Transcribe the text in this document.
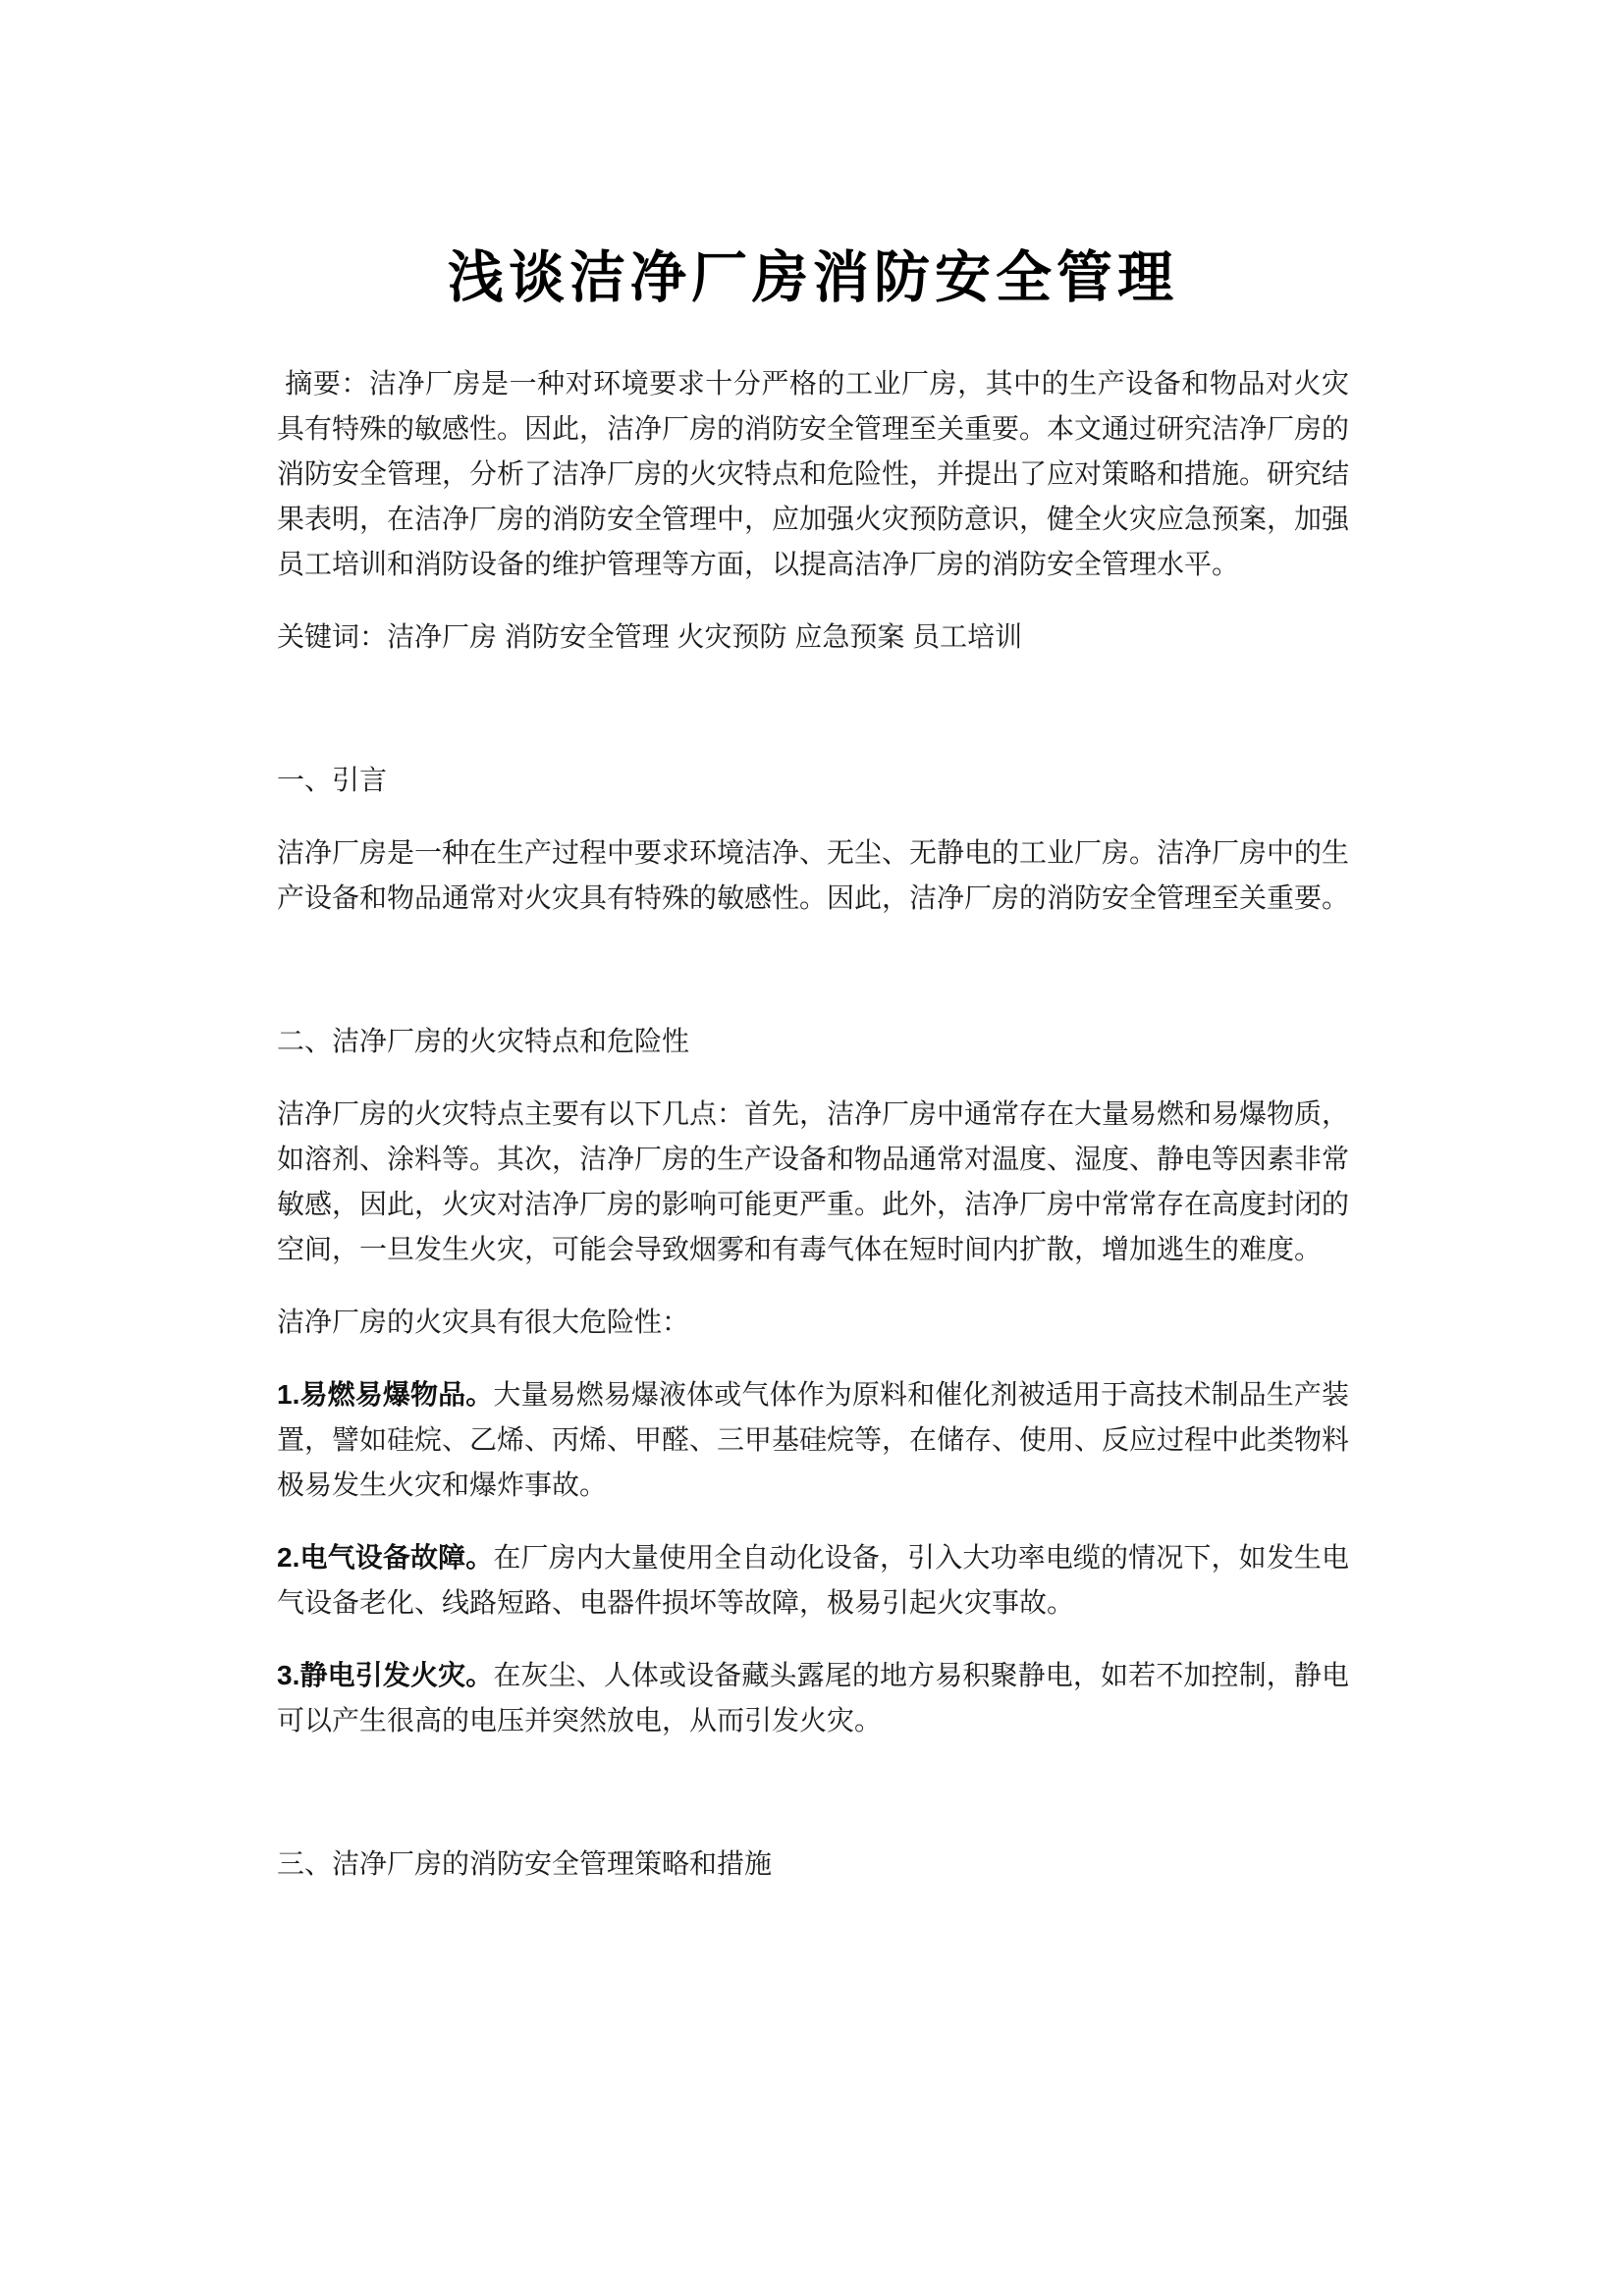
浅谈洁净厂房消防安全管理

摘要：洁净厂房是一种对环境要求十分严格的工业厂房，其中的生产设备和物品对火灾具有特殊的敏感性。因此，洁净厂房的消防安全管理至关重要。本文通过研究洁净厂房的消防安全管理，分析了洁净厂房的火灾特点和危险性，并提出了应对策略和措施。研究结果表明，在洁净厂房的消防安全管理中，应加强火灾预防意识，健全火灾应急预案，加强员工培训和消防设备的维护管理等方面，以提高洁净厂房的消防安全管理水平。

关键词：洁净厂房 消防安全管理 火灾预防 应急预案 员工培训

一、引言

洁净厂房是一种在生产过程中要求环境洁净、无尘、无静电的工业厂房。洁净厂房中的生产设备和物品通常对火灾具有特殊的敏感性。因此，洁净厂房的消防安全管理至关重要。

二、洁净厂房的火灾特点和危险性

洁净厂房的火灾特点主要有以下几点：首先，洁净厂房中通常存在大量易燃和易爆物质，如溶剂、涂料等。其次，洁净厂房的生产设备和物品通常对温度、湿度、静电等因素非常敏感，因此，火灾对洁净厂房的影响可能更严重。此外，洁净厂房中常常存在高度封闭的空间，一旦发生火灾，可能会导致烟雾和有毒气体在短时间内扩散，增加逃生的难度。

洁净厂房的火灾具有很大危险性：

1.易燃易爆物品。大量易燃易爆液体或气体作为原料和催化剂被适用于高技术制品生产装置，譬如硅烷、乙烯、丙烯、甲醛、三甲基硅烷等，在储存、使用、反应过程中此类物料极易发生火灾和爆炸事故。

2.电气设备故障。在厂房内大量使用全自动化设备，引入大功率电缆的情况下，如发生电气设备老化、线路短路、电器件损坏等故障，极易引起火灾事故。

3.静电引发火灾。在灰尘、人体或设备藏头露尾的地方易积聚静电，如若不加控制，静电可以产生很高的电压并突然放电，从而引发火灾。

三、洁净厂房的消防安全管理策略和措施
